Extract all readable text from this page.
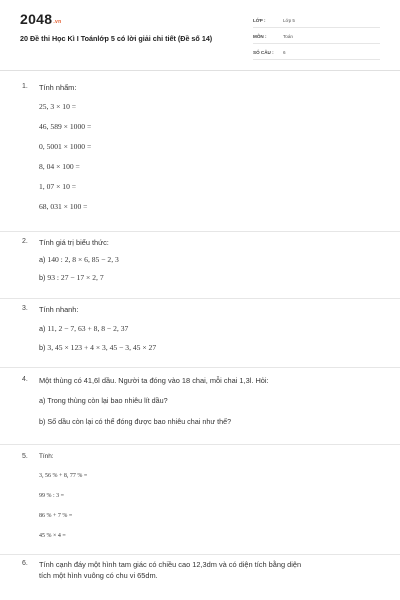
$2048^{.vn}$
20 Đề thi Học Kì I Toánlớp 5 có lời giải chi tiết (Đề số 14)
LỚP :	Lớp 5
MÔN :	Toán
SỐ CÂU :	6
1. Tính nhẩm:
25, 3 × 10 =
46, 589 × 1000 =
0, 5001 × 1000 =
8, 04 × 100 =
1, 07 × 10 =
68, 031 × 100 =
2. Tính giá trị biểu thức:
a) 140 : 2, 8 × 6, 85 − 2, 3
b) 93 : 27 − 17 × 2, 7
3. Tính nhanh:
a) 11, 2 − 7, 63 + 8, 8 − 2, 37
b) 3, 45 × 123 + 4 × 3, 45 − 3, 45 × 27
4. Một thùng có 41,6l dầu. Người ta đóng vào 18 chai, mỗi chai 1,3l. Hỏi:
a) Trong thùng còn lại bao nhiêu lít dầu?
b) Số dầu còn lại có thể đóng được bao nhiêu chai như thế?
5. Tính:
3, 56 % + 8, 77 % =
99 % : 3 =
86 % + 7 % =
45 % × 4 =
6. Tính cạnh đáy một hình tam giác có chiều cao 12,3dm và có diện tích bằng diện
tích một hình vuông có chu vi 65dm.
